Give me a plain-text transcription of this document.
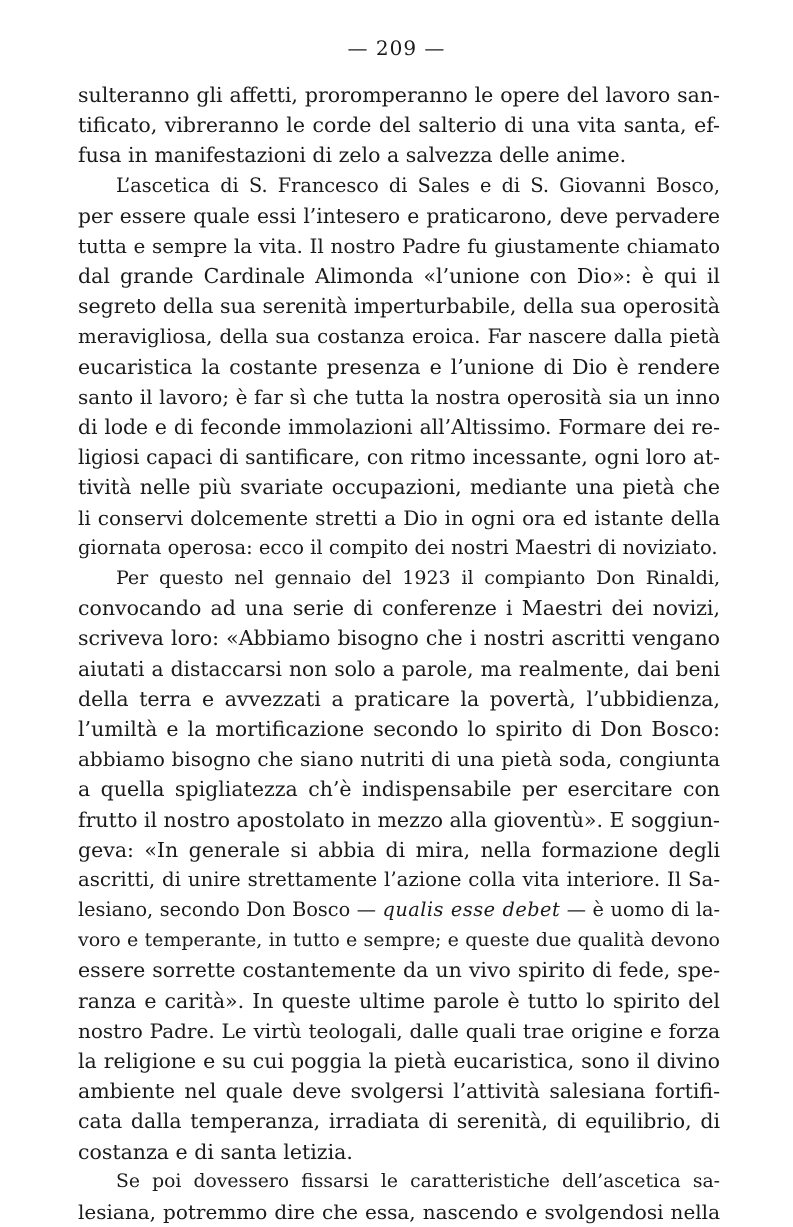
— 209 —
sulteranno gli affetti, proromperanno le opere del lavoro san-
tificato, vibreranno le corde del salterio di una vita santa, ef-
fusa in manifestazioni di zelo a salvezza delle anime.
L’ascetica di S. Francesco di Sales e di S. Giovanni Bosco,
per essere quale essi l’intesero e praticarono, deve pervadere
tutta e sempre la vita. Il nostro Padre fu giustamente chiamato
dal grande Cardinale Alimonda «l’unione con Dio»: è qui il
segreto della sua serenità imperturbabile, della sua operosità
meravigliosa, della sua costanza eroica. Far nascere dalla pietà
eucaristica la costante presenza e l’unione di Dio è rendere
santo il lavoro; è far sì che tutta la nostra operosità sia un inno
di lode e di feconde immolazioni all’Altissimo. Formare dei re-
ligiosi capaci di santificare, con ritmo incessante, ogni loro at-
tività nelle più svariate occupazioni, mediante una pietà che
li conservi dolcemente stretti a Dio in ogni ora ed istante della
giornata operosa: ecco il compito dei nostri Maestri di noviziato.
Per questo nel gennaio del 1923 il compianto Don Rinaldi,
convocando ad una serie di conferenze i Maestri dei novizi,
scriveva loro: «Abbiamo bisogno che i nostri ascritti vengano
aiutati a distaccarsi non solo a parole, ma realmente, dai beni
della terra e avvezzati a praticare la povertà, l’ubbidienza,
l’umiltà e la mortificazione secondo lo spirito di Don Bosco:
abbiamo bisogno che siano nutriti di una pietà soda, congiunta
a quella spigliatezza ch’è indispensabile per esercitare con
frutto il nostro apostolato in mezzo alla gioventù». E soggiun-
geva: «In generale si abbia di mira, nella formazione degli
ascritti, di unire strettamente l’azione colla vita interiore. Il Sa-
lesiano, secondo Don Bosco — qualis esse debet — è uomo di la-
voro e temperante, in tutto e sempre; e queste due qualità devono
essere sorrette costantemente da un vivo spirito di fede, spe-
ranza e carità». In queste ultime parole è tutto lo spirito del
nostro Padre. Le virtù teologali, dalle quali trae origine e forza
la religione e su cui poggia la pietà eucaristica, sono il divino
ambiente nel quale deve svolgersi l’attività salesiana fortifi-
cata dalla temperanza, irradiata di serenità, di equilibrio, di
costanza e di santa letizia.
Se poi dovessero fissarsi le caratteristiche dell’ascetica sa-
lesiana, potremmo dire che essa, nascendo e svolgendosi nella
